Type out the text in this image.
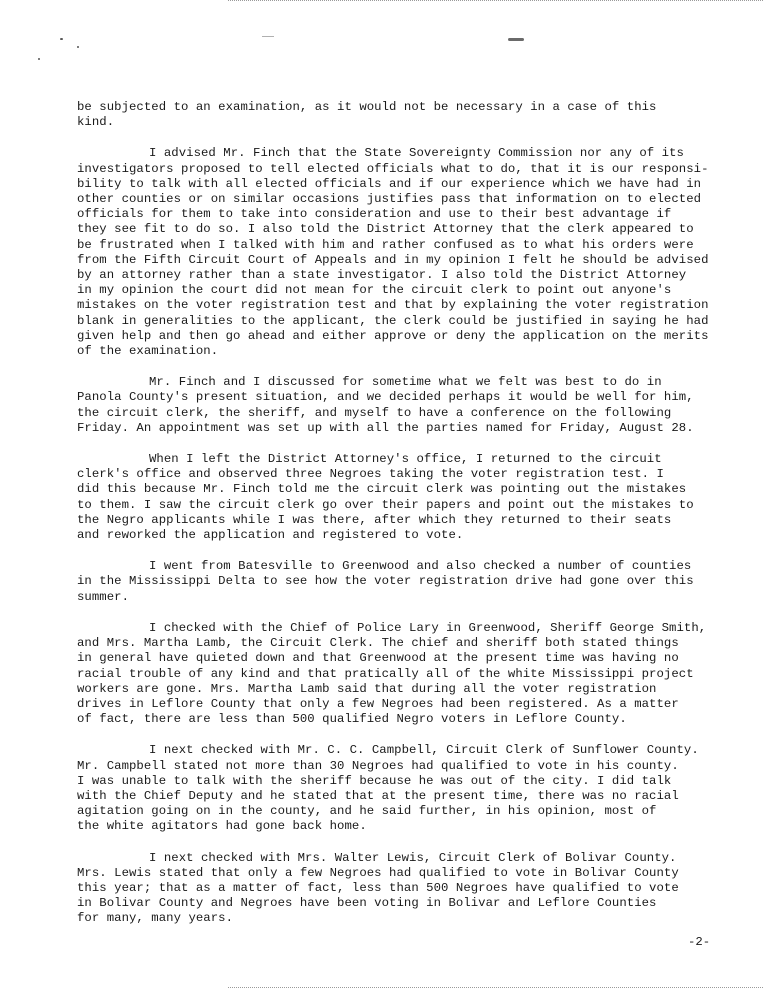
be subjected to an examination, as it would not be necessary in a case of this
kind.

I advised Mr. Finch that the State Sovereignty Commission nor any of its
investigators proposed to tell elected officials what to do, that it is our responsi-
bility to talk with all elected officials and if our experience which we have had in
other counties or on similar occasions justifies pass that information on to elected
officials for them to take into consideration and use to their best advantage if
they see fit to do so. I also told the District Attorney that the clerk appeared to
be frustrated when I talked with him and rather confused as to what his orders were
from the Fifth Circuit Court of Appeals and in my opinion I felt he should be advised
by an attorney rather than a state investigator. I also told the District Attorney
in my opinion the court did not mean for the circuit clerk to point out anyone's
mistakes on the voter registration test and that by explaining the voter registration
blank in generalities to the applicant, the clerk could be justified in saying he had
given help and then go ahead and either approve or deny the application on the merits
of the examination.

Mr. Finch and I discussed for sometime what we felt was best to do in
Panola County's present situation, and we decided perhaps it would be well for him,
the circuit clerk, the sheriff, and myself to have a conference on the following
Friday. An appointment was set up with all the parties named for Friday, August 28.

When I left the District Attorney's office, I returned to the circuit
clerk's office and observed three Negroes taking the voter registration test. I
did this because Mr. Finch told me the circuit clerk was pointing out the mistakes
to them. I saw the circuit clerk go over their papers and point out the mistakes to
the Negro applicants while I was there, after which they returned to their seats
and reworked the application and registered to vote.

I went from Batesville to Greenwood and also checked a number of counties
in the Mississippi Delta to see how the voter registration drive had gone over this
summer.

I checked with the Chief of Police Lary in Greenwood, Sheriff George Smith,
and Mrs. Martha Lamb, the Circuit Clerk. The chief and sheriff both stated things
in general have quieted down and that Greenwood at the present time was having no
racial trouble of any kind and that pratically all of the white Mississippi project
workers are gone. Mrs. Martha Lamb said that during all the voter registration
drives in Leflore County that only a few Negroes had been registered. As a matter
of fact, there are less than 500 qualified Negro voters in Leflore County.

I next checked with Mr. C. C. Campbell, Circuit Clerk of Sunflower County.
Mr. Campbell stated not more than 30 Negroes had qualified to vote in his county.
I was unable to talk with the sheriff because he was out of the city. I did talk
with the Chief Deputy and he stated that at the present time, there was no racial
agitation going on in the county, and he said further, in his opinion, most of
the white agitators had gone back home.

I next checked with Mrs. Walter Lewis, Circuit Clerk of Bolivar County.
Mrs. Lewis stated that only a few Negroes had qualified to vote in Bolivar County
this year; that as a matter of fact, less than 500 Negroes have qualified to vote
in Bolivar County and Negroes have been voting in Bolivar and Leflore Counties
for many, many years.

-2-
